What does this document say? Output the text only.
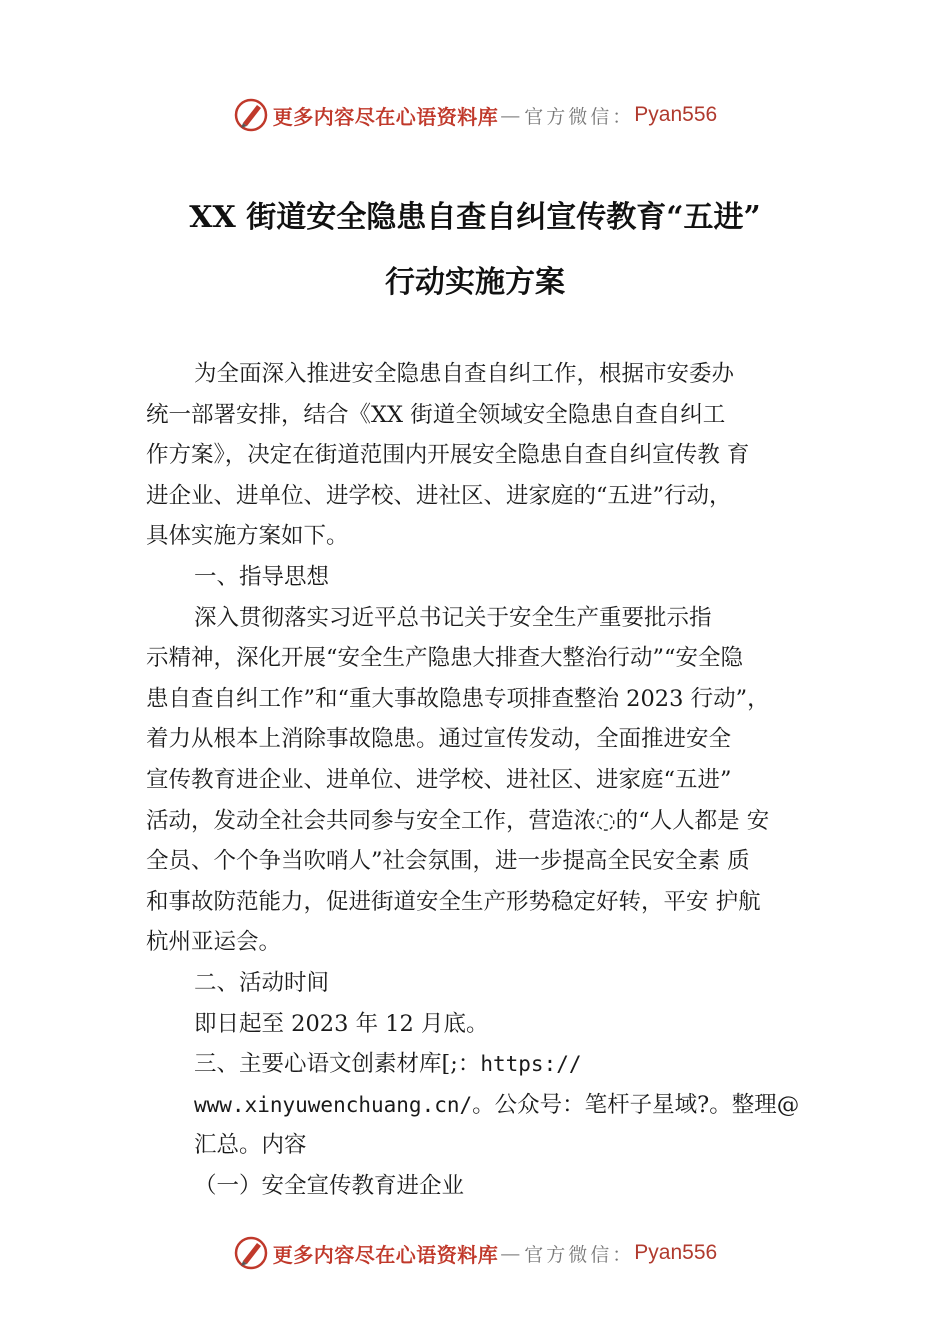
更多内容尽在心语资料库 — 官方微信： Pyan556
XX 街道安全隐患自查自纠宣传教育“五进”
行动实施方案

为全面深入推进安全隐患自查自纠工作，根据市安委办
统一部署安排，结合《XX 街道全领域安全隐患自查自纠工
作方案》，决定在街道范围内开展安全隐患自查自纠宣传教 育
进企业、进单位、进学校、进社区、进家庭的“五进”行动，
具体实施方案如下。

一、指导思想

深入贯彻落实习近平总书记关于安全生产重要批示指
示精神，深化开展“安全生产隐患大排查大整治行动”“安全隐
患自查自纠工作”和“重大事故隐患专项排查整治 2023 行动”，
着力从根本上消除事故隐患。通过宣传发动，全面推进安全
宣传教育进企业、进单位、进学校、进社区、进家庭“五进”
活动，发动全社会共同参与安全工作，营造浓◌的“人人都是 安
全员、个个争当吹哨人”社会氛围，进一步提高全民安全素 质
和事故防范能力，促进街道安全生产形势稳定好转，平安 护航
杭州亚运会。

二、活动时间

即日起至 2023 年 12 月底。

三、主要心语文创素材库[;：https://
www.xinyuwenchuang.cn/。公众号：笔杆子星域?。整理@
汇总。内容

（一）安全宣传教育进企业

更多内容尽在心语资料库 — 官方微信： Pyan556
